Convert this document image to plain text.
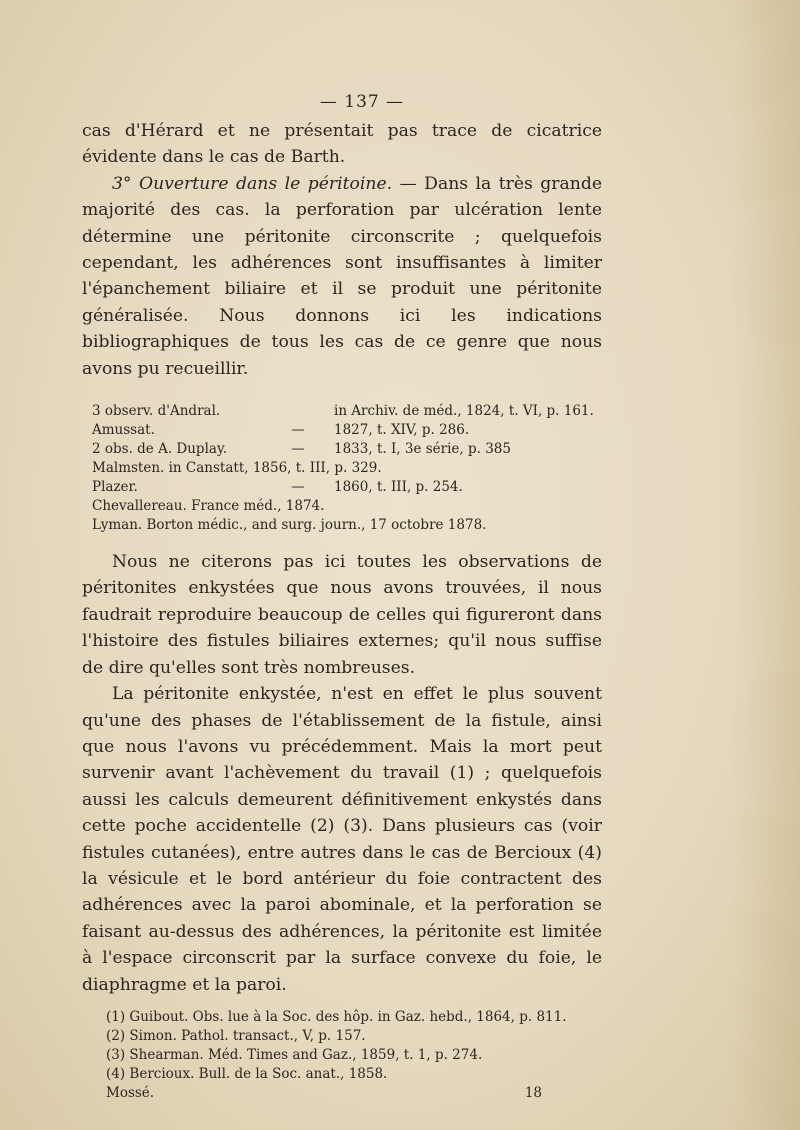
— 137 —

cas d'Hérard et ne présentait pas trace de cicatrice évidente dans le cas de Barth.

3° Ouverture dans le péritoine. — Dans la très grande majorité des cas. la perforation par ulcération lente détermine une péritonite circonscrite ; quelquefois cependant, les adhérences sont insuffisantes à limiter l'épanchement biliaire et il se produit une péritonite généralisée. Nous donnons ici les indications bibliographiques de tous les cas de ce genre que nous avons pu recueillir.

3 observ. d'Andral.	in Archiv. de méd., 1824, t. VI, p. 161.
Amussat.	—	1827, t. XIV, p. 286.
2 obs. de A. Duplay.	—	1833, t. I, 3e série, p. 385
Malmsten. in Canstatt, 1856, t. III, p. 329.
Plazer.	—	1860, t. III, p. 254.
Chevallereau. France méd., 1874.
Lyman. Borton médic., and surg. journ., 17 octobre 1878.

Nous ne citerons pas ici toutes les observations de péritonites enkystées que nous avons trouvées, il nous faudrait reproduire beaucoup de celles qui figureront dans l'histoire des fistules biliaires externes; qu'il nous suffise de dire qu'elles sont très nombreuses.

La péritonite enkystée, n'est en effet le plus souvent qu'une des phases de l'établissement de la fistule, ainsi que nous l'avons vu précédemment. Mais la mort peut survenir avant l'achèvement du travail (1) ; quelquefois aussi les calculs demeurent définitivement enkystés dans cette poche accidentelle (2) (3). Dans plusieurs cas (voir fistules cutanées), entre autres dans le cas de Bercioux (4) la vésicule et le bord antérieur du foie contractent des adhérences avec la paroi abominale, et la perforation se faisant au-dessus des adhérences, la péritonite est limitée à l'espace circonscrit par la surface convexe du foie, le diaphragme et la paroi.

(1) Guibout. Obs. lue à la Soc. des hôp. in Gaz. hebd., 1864, p. 811.
(2) Simon. Pathol. transact., V, p. 157.
(3) Shearman. Méd. Times and Gaz., 1859, t. 1, p. 274.
(4) Bercioux. Bull. de la Soc. anat., 1858.
Mossé.	18
